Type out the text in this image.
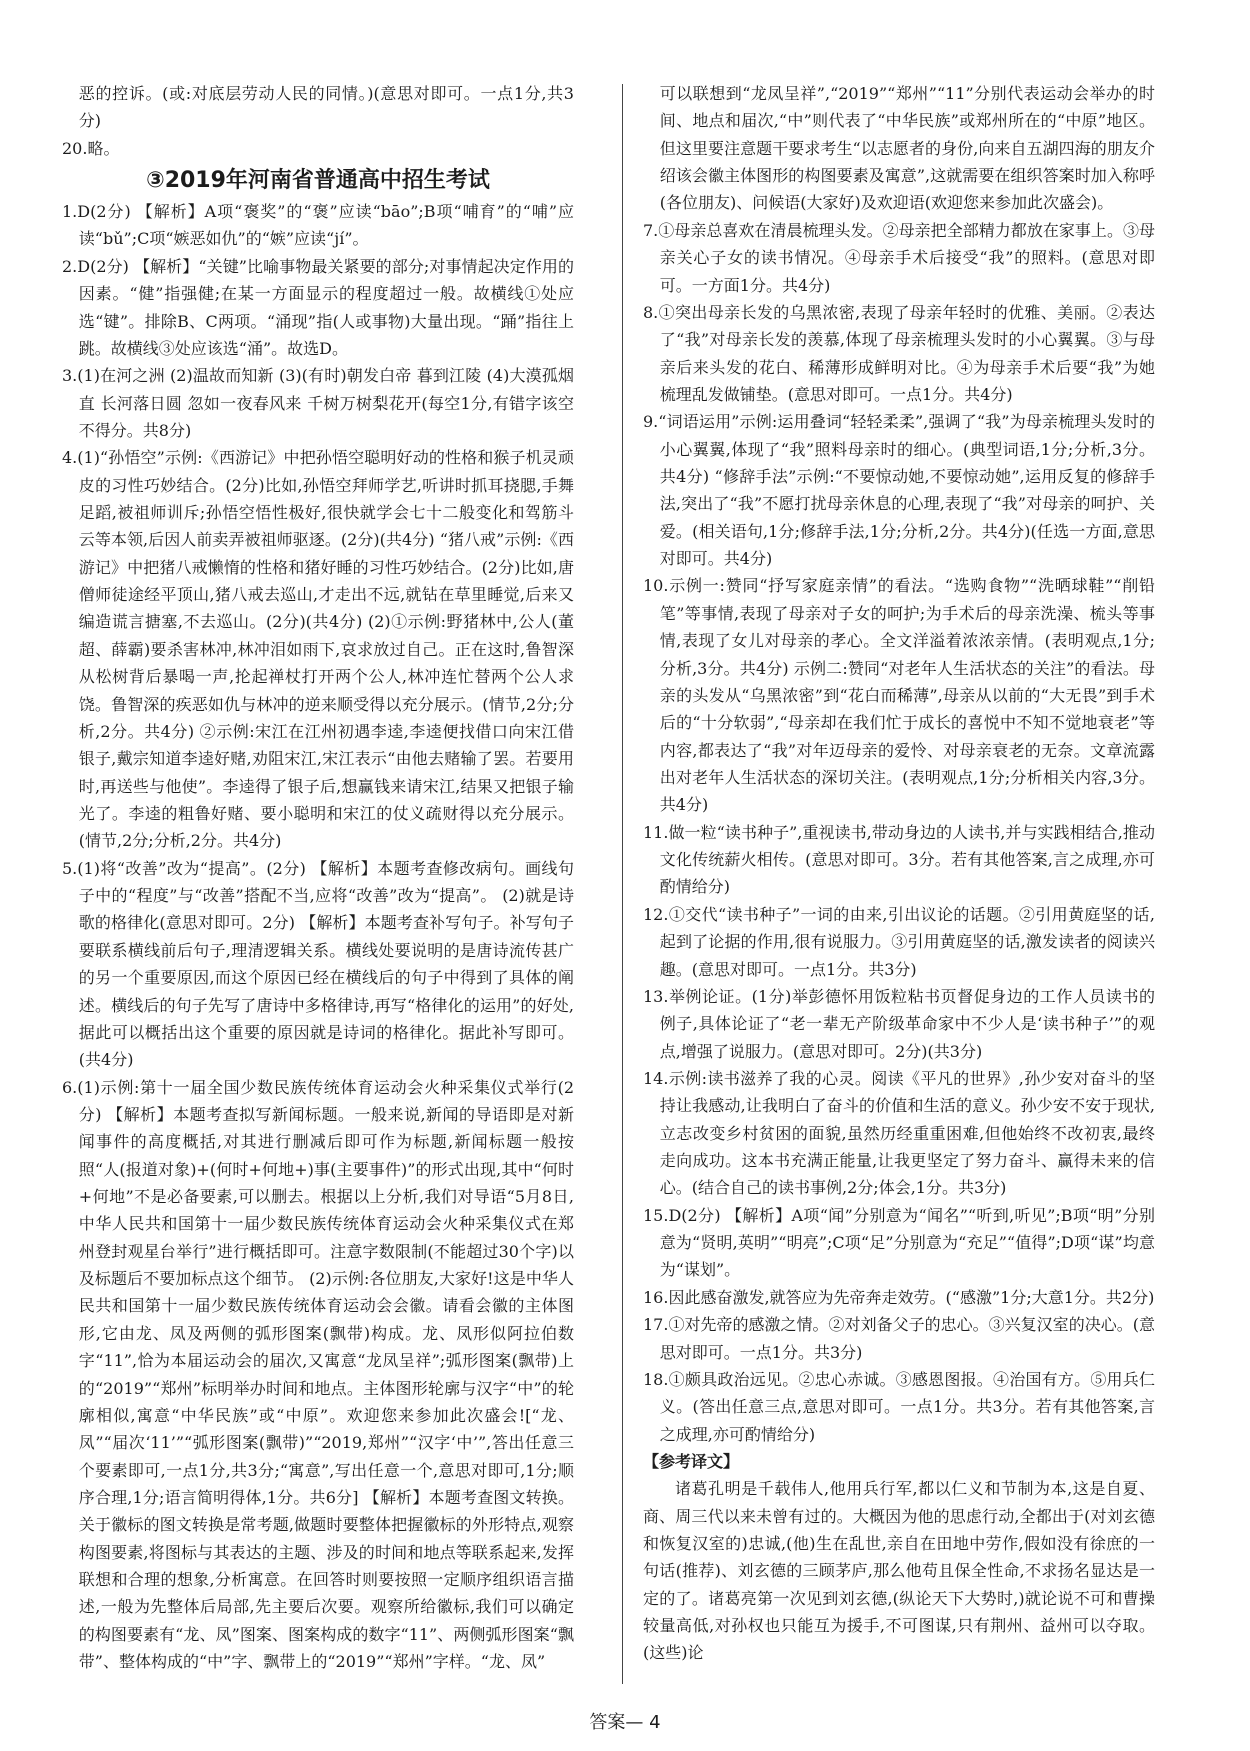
恶的控诉。(或:对底层劳动人民的同情。)(意思对即可。一点1分,共3分)

20.略。

③2019年河南省普通高中招生考试

1.D(2分) 【解析】A项“褒奖”的“褒”应读“bāo”;B项“哺育”的“哺”应读“bǔ”;C项“嫉恶如仇”的“嫉”应读“jí”。

2.D(2分) 【解析】“关键”比喻事物最关紧要的部分;对事情起决定作用的因素。“健”指强健;在某一方面显示的程度超过一般。故横线①处应选“键”。排除B、C两项。“涌现”指(人或事物)大量出现。“踊”指往上跳。故横线③处应该选“涌”。故选D。

3.(1)在河之洲 (2)温故而知新 (3)(有时)朝发白帝 暮到江陵 (4)大漠孤烟直 长河落日圆 忽如一夜春风来 千树万树梨花开(每空1分,有错字该空不得分。共8分)

4.(1)“孙悟空”示例:《西游记》中把孙悟空聪明好动的性格和猴子机灵顽皮的习性巧妙结合。(2分)比如,孙悟空拜师学艺,听讲时抓耳挠腮,手舞足蹈,被祖师训斥;孙悟空悟性极好,很快就学会七十二般变化和驾筋斗云等本领,后因人前卖弄被祖师驱逐。(2分)(共4分) “猪八戒”示例:《西游记》中把猪八戒懒惰的性格和猪好睡的习性巧妙结合。(2分)比如,唐僧师徒途经平顶山,猪八戒去巡山,才走出不远,就钻在草里睡觉,后来又编造谎言搪塞,不去巡山。(2分)(共4分) (2)①示例:野猪林中,公人(董超、薛霸)要杀害林冲,林冲泪如雨下,哀求放过自己。正在这时,鲁智深从松树背后暴喝一声,抡起禅杖打开两个公人,林冲连忙替两个公人求饶。鲁智深的疾恶如仇与林冲的逆来顺受得以充分展示。(情节,2分;分析,2分。共4分) ②示例:宋江在江州初遇李逵,李逵便找借口向宋江借银子,戴宗知道李逵好赌,劝阻宋江,宋江表示“由他去赌输了罢。若要用时,再送些与他使”。李逵得了银子后,想赢钱来请宋江,结果又把银子输光了。李逵的粗鲁好赌、要小聪明和宋江的仗义疏财得以充分展示。(情节,2分;分析,2分。共4分)

5.(1)将“改善”改为“提高”。(2分) 【解析】本题考查修改病句。画线句子中的“程度”与“改善”搭配不当,应将“改善”改为“提高”。 (2)就是诗歌的格律化(意思对即可。2分) 【解析】本题考查补写句子。补写句子要联系横线前后句子,理清逻辑关系。横线处要说明的是唐诗流传甚广的另一个重要原因,而这个原因已经在横线后的句子中得到了具体的阐述。横线后的句子先写了唐诗中多格律诗,再写“格律化的运用”的好处,据此可以概括出这个重要的原因就是诗词的格律化。据此补写即可。(共4分)

6.(1)示例:第十一届全国少数民族传统体育运动会火种采集仪式举行(2分) 【解析】本题考查拟写新闻标题。一般来说,新闻的导语即是对新闻事件的高度概括,对其进行删减后即可作为标题,新闻标题一般按照“人(报道对象)+(何时+何地+)事(主要事件)”的形式出现,其中“何时+何地”不是必备要素,可以删去。根据以上分析,我们对导语“5月8日,中华人民共和国第十一届少数民族传统体育运动会火种采集仪式在郑州登封观星台举行”进行概括即可。注意字数限制(不能超过30个字)以及标题后不要加标点这个细节。 (2)示例:各位朋友,大家好!这是中华人民共和国第十一届少数民族传统体育运动会会徽。请看会徽的主体图形,它由龙、凤及两侧的弧形图案(飘带)构成。龙、凤形似阿拉伯数字“11”,恰为本届运动会的届次,又寓意“龙凤呈祥”;弧形图案(飘带)上的“2019”“郑州”标明举办时间和地点。主体图形轮廓与汉字“中”的轮廓相似,寓意“中华民族”或“中原”。欢迎您来参加此次盛会![“龙、凤”“届次‘11’”“弧形图案(飘带)”“2019,郑州”“汉字‘中’”,答出任意三个要素即可,一点1分,共3分;“寓意”,写出任意一个,意思对即可,1分;顺序合理,1分;语言简明得体,1分。共6分] 【解析】本题考查图文转换。关于徽标的图文转换是常考题,做题时要整体把握徽标的外形特点,观察构图要素,将图标与其表达的主题、涉及的时间和地点等联系起来,发挥联想和合理的想象,分析寓意。在回答时则要按照一定顺序组织语言描述,一般为先整体后局部,先主要后次要。观察所给徽标,我们可以确定的构图要素有“龙、凤”图案、图案构成的数字“11”、两侧弧形图案“飘带”、整体构成的“中”字、飘带上的“2019”“郑州”字样。“龙、凤”

可以联想到“龙凤呈祥”,“2019”“郑州”“11”分别代表运动会举办的时间、地点和届次,“中”则代表了“中华民族”或郑州所在的“中原”地区。但这里要注意题干要求考生“以志愿者的身份,向来自五湖四海的朋友介绍该会徽主体图形的构图要素及寓意”,这就需要在组织答案时加入称呼(各位朋友)、问候语(大家好)及欢迎语(欢迎您来参加此次盛会)。

7.①母亲总喜欢在清晨梳理头发。②母亲把全部精力都放在家事上。③母亲关心子女的读书情况。④母亲手术后接受“我”的照料。(意思对即可。一方面1分。共4分)

8.①突出母亲长发的乌黑浓密,表现了母亲年轻时的优雅、美丽。②表达了“我”对母亲长发的羡慕,体现了母亲梳理头发时的小心翼翼。③与母亲后来头发的花白、稀薄形成鲜明对比。④为母亲手术后要“我”为她梳理乱发做铺垫。(意思对即可。一点1分。共4分)

9.“词语运用”示例:运用叠词“轻轻柔柔”,强调了“我”为母亲梳理头发时的小心翼翼,体现了“我”照料母亲时的细心。(典型词语,1分;分析,3分。共4分) “修辞手法”示例:“不要惊动她,不要惊动她”,运用反复的修辞手法,突出了“我”不愿打扰母亲休息的心理,表现了“我”对母亲的呵护、关爱。(相关语句,1分;修辞手法,1分;分析,2分。共4分)(任选一方面,意思对即可。共4分)

10.示例一:赞同“抒写家庭亲情”的看法。“选购食物”“洗晒球鞋”“削铅笔”等事情,表现了母亲对子女的呵护;为手术后的母亲洗澡、梳头等事情,表现了女儿对母亲的孝心。全文洋溢着浓浓亲情。(表明观点,1分;分析,3分。共4分) 示例二:赞同“对老年人生活状态的关注”的看法。母亲的头发从“乌黑浓密”到“花白而稀薄”,母亲从以前的“大无畏”到手术后的“十分软弱”,“母亲却在我们忙于成长的喜悦中不知不觉地衰老”等内容,都表达了“我”对年迈母亲的爱怜、对母亲衰老的无奈。文章流露出对老年人生活状态的深切关注。(表明观点,1分;分析相关内容,3分。共4分)

11.做一粒“读书种子”,重视读书,带动身边的人读书,并与实践相结合,推动文化传统薪火相传。(意思对即可。3分。若有其他答案,言之成理,亦可酌情给分)

12.①交代“读书种子”一词的由来,引出议论的话题。②引用黄庭坚的话,起到了论据的作用,很有说服力。③引用黄庭坚的话,激发读者的阅读兴趣。(意思对即可。一点1分。共3分)

13.举例论证。(1分)举彭德怀用饭粒粘书页督促身边的工作人员读书的例子,具体论证了“老一辈无产阶级革命家中不少人是‘读书种子’”的观点,增强了说服力。(意思对即可。2分)(共3分)

14.示例:读书滋养了我的心灵。阅读《平凡的世界》,孙少安对奋斗的坚持让我感动,让我明白了奋斗的价值和生活的意义。孙少安不安于现状,立志改变乡村贫困的面貌,虽然历经重重困难,但他始终不改初衷,最终走向成功。这本书充满正能量,让我更坚定了努力奋斗、赢得未来的信心。(结合自己的读书事例,2分;体会,1分。共3分)

15.D(2分) 【解析】A项“闻”分别意为“闻名”“听到,听见”;B项“明”分别意为“贤明,英明”“明亮”;C项“足”分别意为“充足”“值得”;D项“谋”均意为“谋划”。

16.因此感奋激发,就答应为先帝奔走效劳。(“感激”1分;大意1分。共2分)

17.①对先帝的感激之情。②对刘备父子的忠心。③兴复汉室的决心。(意思对即可。一点1分。共3分)

18.①颇具政治远见。②忠心赤诚。③感恩图报。④治国有方。⑤用兵仁义。(答出任意三点,意思对即可。一点1分。共3分。若有其他答案,言之成理,亦可酌情给分)

【参考译文】

诸葛孔明是千载伟人,他用兵行军,都以仁义和节制为本,这是自夏、商、周三代以来未曾有过的。大概因为他的思虑行动,全都出于(对刘玄德和恢复汉室的)忠诚,(他)生在乱世,亲自在田地中劳作,假如没有徐庶的一句话(推荐)、刘玄德的三顾茅庐,那么他苟且保全性命,不求扬名显达是一定的了。诸葛亮第一次见到刘玄德,(纵论天下大势时,)就论说不可和曹操较量高低,对孙权也只能互为援手,不可图谋,只有荆州、益州可以夺取。(这些)论

答案— 4
